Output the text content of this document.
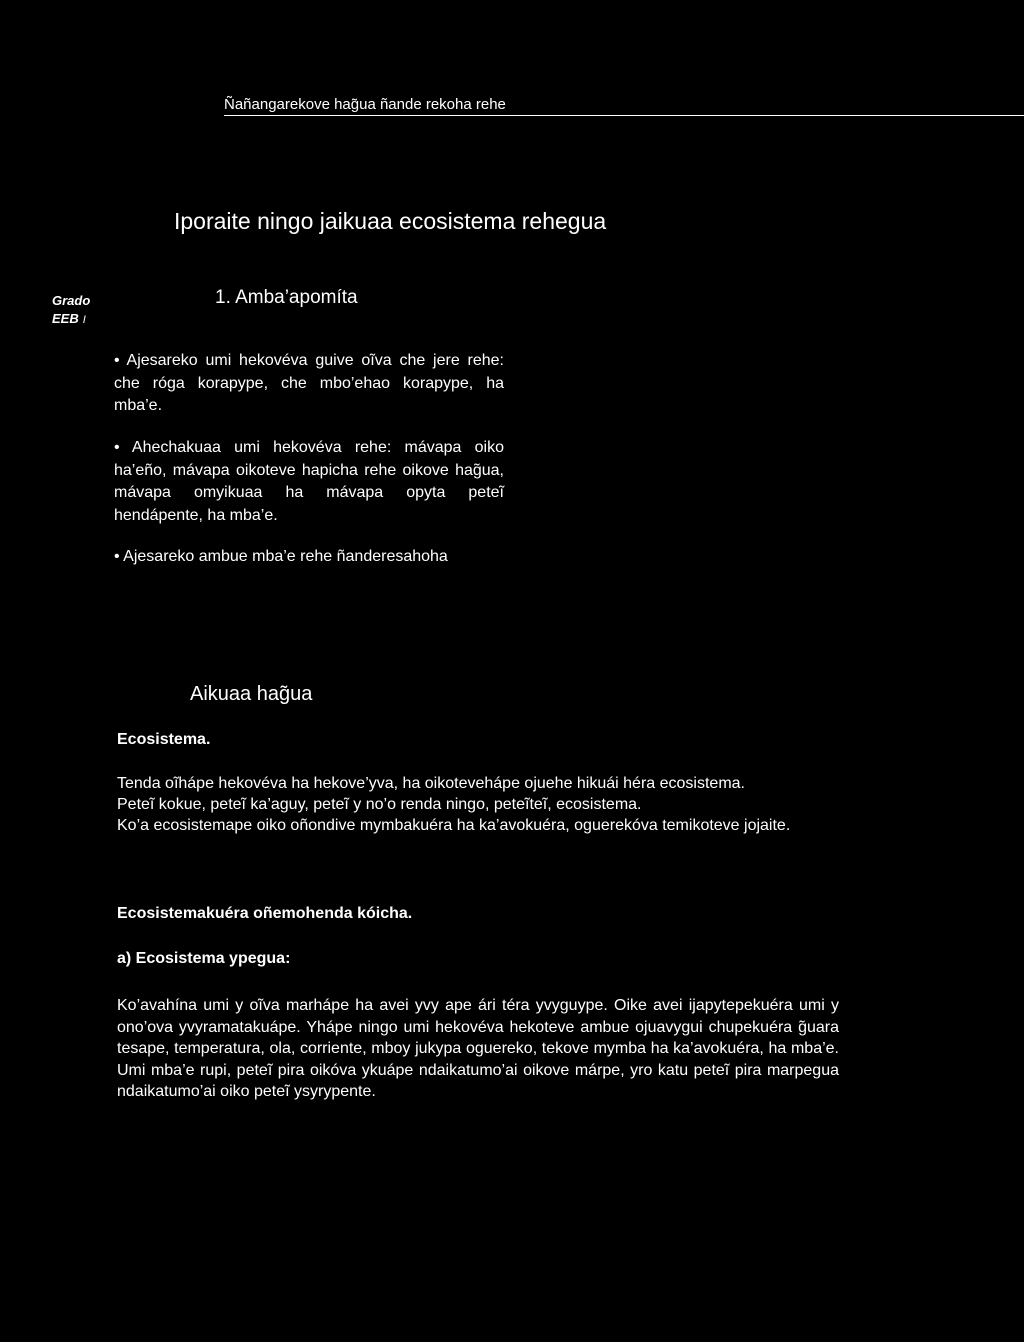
Ñañangarekove hag̃ua ñande rekoha rehe
Iporaite ningo jaikuaa ecosistema rehegua
Grado
EEB I
1. Amba’apomíta
• Ajesareko umi hekovéva guive oĩva che jere rehe: che róga korapype, che mbo’ehao korapype, ha mba’e.
• Ahechakuaa umi hekovéva rehe: mávapa oiko ha’eño, mávapa oikoteve hapicha rehe oikove hag̃ua, mávapa omyikuaa ha mávapa opyta peteĩ hendápente, ha mba’e.
• Ajesareko ambue mba’e rehe ñanderesahoha
Aikuaa hag̃ua
Ecosistema.

Tenda oĩhápe hekovéva ha hekove’yva, ha oikotevehápe ojuehe hikuái héra ecosistema.

Peteĩ kokue, peteĩ ka’aguy, peteĩ y no’o renda ningo, peteĩteĩ, ecosistema.

Ko’a ecosistemape oiko oñondive mymbakuéra ha ka’avokuéra, oguerekóva temikoteve jojaite.

Ecosistemakuéra oñemohenda kóicha.
a) Ecosistema ypegua:

Ko’avahína umi y oĩva marhápe ha avei yvy ape ári téra yvyguype. Oike avei ijapytepekuéra umi y ono’ova yvyramatakuápe. Yhápe ningo umi hekovéva hekoteve ambue ojuavygui chupekuéra g̃uara tesape, temperatura, ola, corriente, mboy jukypa oguereko, tekove mymba ha ka’avokuéra, ha mba’e. Umi mba’e rupi, peteĩ pira oikóva ykuápe ndaikatumo’ai oikove márpe, yro katu peteĩ pira marpegua ndaikatumo’ai oiko peteĩ ysyrypente.
